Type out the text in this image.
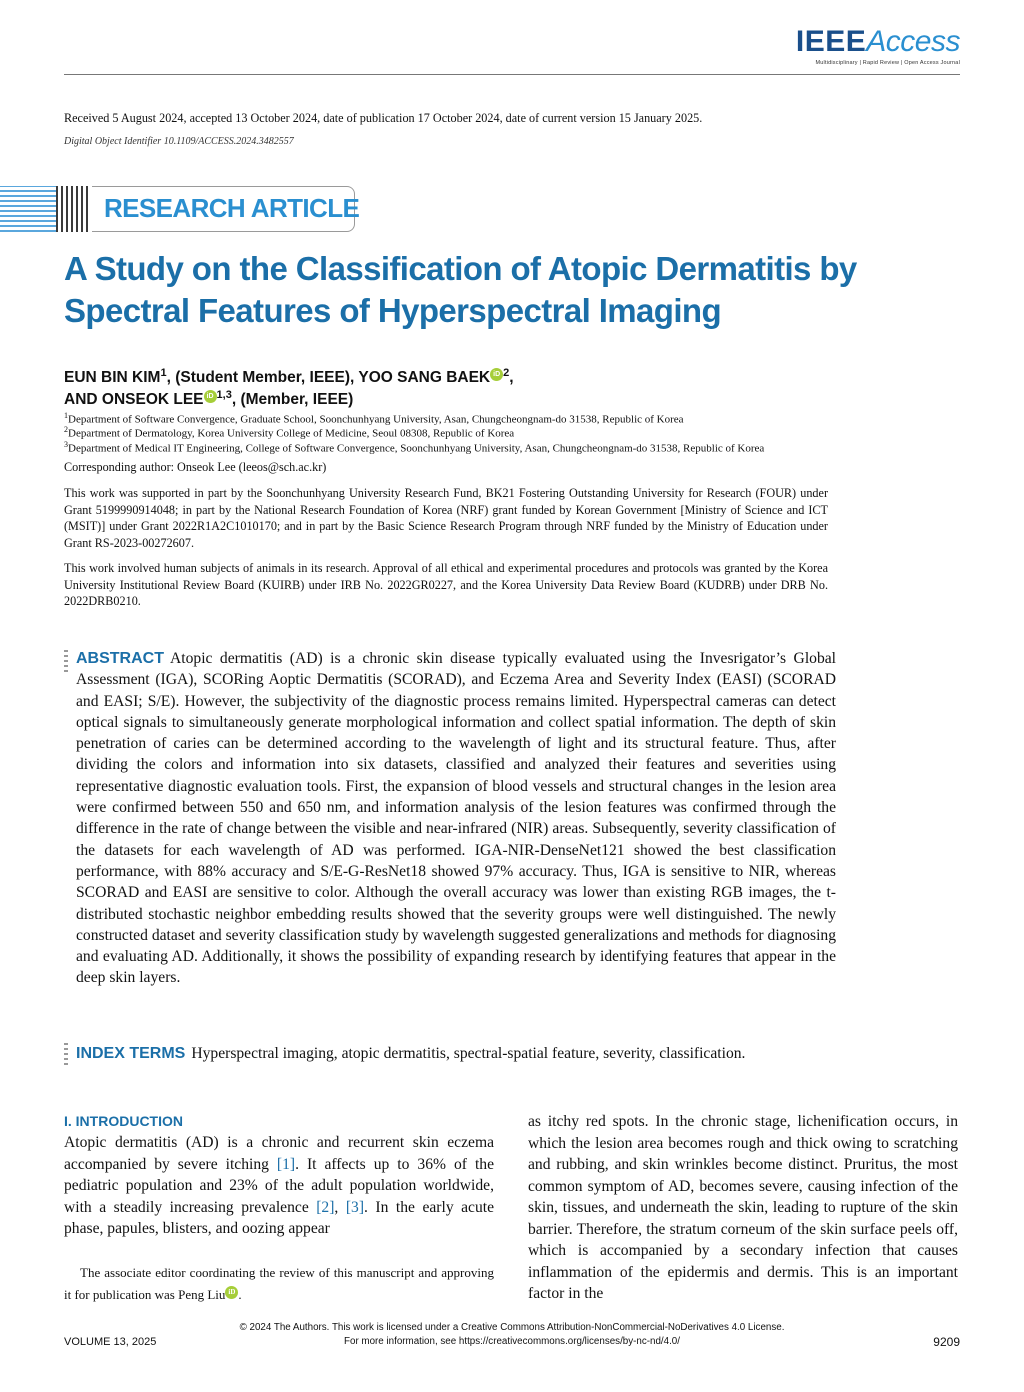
IEEEAccess
Multidisciplinary | Rapid Review | Open Access Journal
Received 5 August 2024, accepted 13 October 2024, date of publication 17 October 2024, date of current version 15 January 2025.
Digital Object Identifier 10.1109/ACCESS.2024.3482557
RESEARCH ARTICLE
A Study on the Classification of Atopic Dermatitis by Spectral Features of Hyperspectral Imaging
EUN BIN KIM$^1$, (Student Member, IEEE), YOO SANG BAEK iD $^2$,
AND ONSEOK LEE iD $^{1,3}$, (Member, IEEE)
$^1$Department of Software Convergence, Graduate School, Soonchunhyang University, Asan, Chungcheongnam-do 31538, Republic of Korea
$^2$Department of Dermatology, Korea University College of Medicine, Seoul 08308, Republic of Korea
$^3$Department of Medical IT Engineering, College of Software Convergence, Soonchunhyang University, Asan, Chungcheongnam-do 31538, Republic of Korea
Corresponding author: Onseok Lee (leeos@sch.ac.kr)
This work was supported in part by the Soonchunhyang University Research Fund, BK21 Fostering Outstanding University for Research (FOUR) under Grant 5199990914048; in part by the National Research Foundation of Korea (NRF) grant funded by Korean Government [Ministry of Science and ICT (MSIT)] under Grant 2022R1A2C1010170; and in part by the Basic Science Research Program through NRF funded by the Ministry of Education under Grant RS-2023-00272607.
This work involved human subjects of animals in its research. Approval of all ethical and experimental procedures and protocols was granted by the Korea University Institutional Review Board (KUIRB) under IRB No. 2022GR0227, and the Korea University Data Review Board (KUDRB) under DRB No. 2022DRB0210.
ABSTRACT Atopic dermatitis (AD) is a chronic skin disease typically evaluated using the Invesrigator’s Global Assessment (IGA), SCORing Aoptic Dermatitis (SCORAD), and Eczema Area and Severity Index (EASI) (SCORAD and EASI; S/E). However, the subjectivity of the diagnostic process remains limited. Hyperspectral cameras can detect optical signals to simultaneously generate morphological information and collect spatial information. The depth of skin penetration of caries can be determined according to the wavelength of light and its structural feature. Thus, after dividing the colors and information into six datasets, classified and analyzed their features and severities using representative diagnostic evaluation tools. First, the expansion of blood vessels and structural changes in the lesion area were confirmed between 550 and 650 nm, and information analysis of the lesion features was confirmed through the difference in the rate of change between the visible and near-infrared (NIR) areas. Subsequently, severity classification of the datasets for each wavelength of AD was performed. IGA-NIR-DenseNet121 showed the best classification performance, with 88% accuracy and S/E-G-ResNet18 showed 97% accuracy. Thus, IGA is sensitive to NIR, whereas SCORAD and EASI are sensitive to color. Although the overall accuracy was lower than existing RGB images, the t-distributed stochastic neighbor embedding results showed that the severity groups were well distinguished. The newly constructed dataset and severity classification study by wavelength suggested generalizations and methods for diagnosing and evaluating AD. Additionally, it shows the possibility of expanding research by identifying features that appear in the deep skin layers.
INDEX TERMS Hyperspectral imaging, atopic dermatitis, spectral-spatial feature, severity, classification.
I. INTRODUCTION
Atopic dermatitis (AD) is a chronic and recurrent skin eczema accompanied by severe itching [1]. It affects up to 36% of the pediatric population and 23% of the adult population worldwide, with a steadily increasing prevalence [2], [3]. In the early acute phase, papules, blisters, and oozing appear
as itchy red spots. In the chronic stage, lichenification occurs, in which the lesion area becomes rough and thick owing to scratching and rubbing, and skin wrinkles become distinct. Pruritus, the most common symptom of AD, becomes severe, causing infection of the skin, tissues, and underneath the skin, leading to rupture of the skin barrier. Therefore, the stratum corneum of the skin surface peels off, which is accompanied by a secondary infection that causes inflammation of the epidermis and dermis. This is an important factor in the
The associate editor coordinating the review of this manuscript and approving it for publication was Peng Liu iD .
© 2024 The Authors. This work is licensed under a Creative Commons Attribution-NonCommercial-NoDerivatives 4.0 License.
For more information, see https://creativecommons.org/licenses/by-nc-nd/4.0/
VOLUME 13, 2025	9209
